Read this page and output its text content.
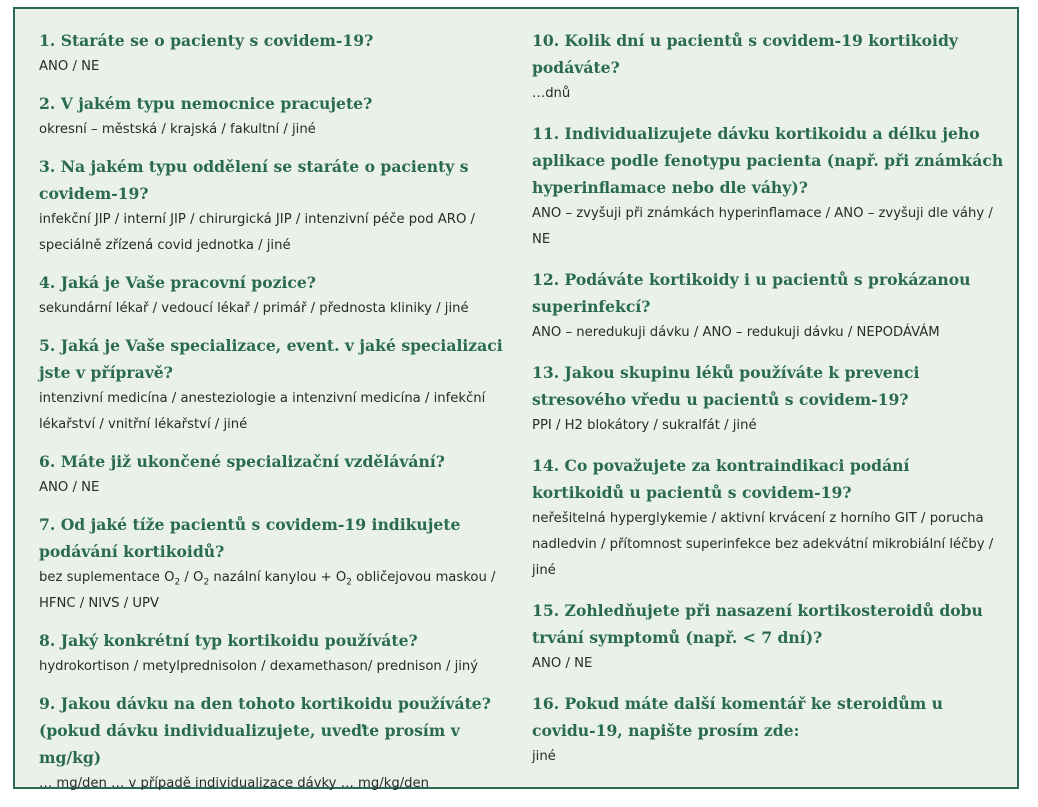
1. Staráte se o pacienty s covidem-19?

ANO / NE

2. V jakém typu nemocnice pracujete?

okresní – městská / krajská / fakultní / jiné

3. Na jakém typu oddělení se staráte o pacienty s covidem-19?

infekční JIP / interní JIP / chirurgická JIP / intenzivní péče pod ARO / speciálně zřízená covid jednotka / jiné

4. Jaká je Vaše pracovní pozice?

sekundární lékař / vedoucí lékař / primář / přednosta kliniky / jiné

5. Jaká je Vaše specializace, event. v jaké specializaci jste v přípravě?

intenzivní medicína / anesteziologie a intenzivní medicína / infekční lékařství / vnitřní lékařství / jiné

6. Máte již ukončené specializační vzdělávání?

ANO / NE

7. Od jaké tíže pacientů s covidem-19 indikujete podávání kortikoidů?

bez suplementace $O_2 / O_2$ nazální kanylou + $O_2$ obličejovou maskou / HFNC / NIVS / UPV

8. Jaký konkrétní typ kortikoidu používáte?

hydrokortison / metylprednisolon / dexamethason/ prednison / jiný

9. Jakou dávku na den tohoto kortikoidu používáte? (pokud dávku individualizujete, uveďte prosím v mg/kg)

… mg/den … v případě individualizace dávky … mg/kg/den

10. Kolik dní u pacientů s covidem-19 kortikoidy podáváte?

…dnů

11. Individualizujete dávku kortikoidu a délku jeho aplikace podle fenotypu pacienta (např. při známkách hyperinflamace nebo dle váhy)?

ANO – zvyšuji při známkách hyperinflamace / ANO – zvyšuji dle váhy / NE

12. Podáváte kortikoidy i u pacientů s prokázanou superinfekcí?

ANO – neredukuji dávku / ANO – redukuji dávku / NEPODÁVÁM

13. Jakou skupinu léků používáte k prevenci stresového vředu u pacientů s covidem-19?

PPI / H2 blokátory / sukralfát / jiné

14. Co považujete za kontraindikaci podání kortikoidů u pacientů s covidem-19?

neřešitelná hyperglykemie / aktivní krvácení z horního GIT / porucha nadledvin / přítomnost superinfekce bez adekvátní mikrobiální léčby / jiné

15. Zohledňujete při nasazení kortikosteroidů dobu trvání symptomů (např. < 7 dní)?

ANO / NE

16. Pokud máte další komentář ke steroidům u covidu-19, napište prosím zde:

jiné
